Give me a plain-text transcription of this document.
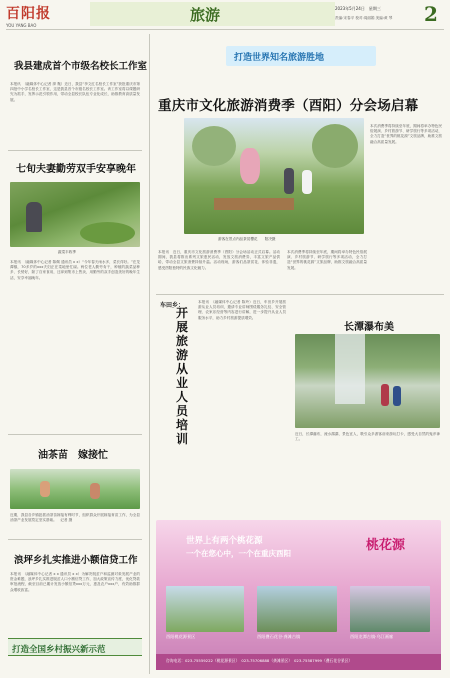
百阳报
YOU YANG BAO
旅游	2023年5月24日　星期三
责编:宋春平 校对:周丽娟 美编:黄 琴	2
我县建成首个市级名校长工作室
本报讯　（融媒体中心记者 廖 胤）近日，我县“李文红名校长工作室”获批重庆市第四批中小学名校长工作室，这是我县首个市级名校长工作室。该工作室将以课题研究为抓手，发挥示范引领作用，带动全县校长队伍专业化成长，助推教育高质量发展。
七旬夫妻勤劳双手安享晚年
蔬菜丰收季
本报讯　（融媒体中心记者 陈佩 通讯员 x x）“今年春天雨水多，菜长得好。”在龙潭镇，70多岁的xxx夫妇正在菜地里忙碌。两位老人勤劳肯干，种植的蔬菜品种多、长势好，除了自家食用，还拿到集市上售卖，用勤劳的双手创造美好的晚年生活，安享幸福晚年。
油茶苗　嫁接忙
近期，我县各乡镇抢抓油茶苗嫁接有利时节，组织群众开展嫁接育苗工作，为全县油茶产业发展奠定坚实基础。　记者 摄
浪坪乡扎实推进小额信贷工作
本报讯　（融媒体中心记者 x x 通讯员 x x）为解决脱贫户和监测对象发展产业的资金难题，浪坪乡扎实推进脱贫人口小额信贷工作，加大政策宣传力度，优化贷款审批流程，截至目前已累计发放小额信贷xxx万元，惠及农户xxx户，有效助推群众增收致富。
打造全国乡村振兴新示范
打造世界知名旅游胜地
重庆市文化旅游消费季（酉阳）分会场启幕
游客在景点内品茶赏樱花　　阳决摄
本报讯　近日，重庆市文化旅游消费季（酉阳）分会场活动正式启幕。活动期间，我县将推出系列文旅惠民活动，发放文旅消费券，丰富文旅产品供给，带动全县文旅消费持续升温。活动现场，游客们品茶赏花、体验非遗，感受酉阳独特的民族文化魅力。
本次消费季将持续至年底，期间将举办特色民俗展演、乡村旅游节、研学旅行等多项活动，全力打造“世界的桃花源”文旅品牌，助推文旅融合高质量发展。
本次消费季将持续至年底，期间将举办特色民俗展演、乡村旅游节、研学旅行等多项活动，全力打造“世界的桃花源”文旅品牌，助推文旅融合高质量发展。
车田乡：
开展旅游从业人员培训
本报讯　（融媒体中心记者 陈玲）近日，车田乡开展旅游从业人员培训，邀请专业讲师围绕服务礼仪、安全管理、农家乐经营等内容进行讲解，进一步提升从业人员服务水平，助力乡村旅游提质增效。
长潭瀑布美
近日，长潭瀑布，流水潺潺，景色宜人，吸引众多游客前来游玩打卡，感受大自然的鬼斧神工。
世界上有两个桃花源
一个在您心中，一个在重庆酉阳
桃花源
酉阳桃花源景区	酉阳叠石花谷·龚滩古镇	酉阳龙潭古镇·乌江画廊
咨询电话：023-75559222（桃花源景区）　023-75706888（龚滩景区）　023-75587999（叠石花谷景区）
